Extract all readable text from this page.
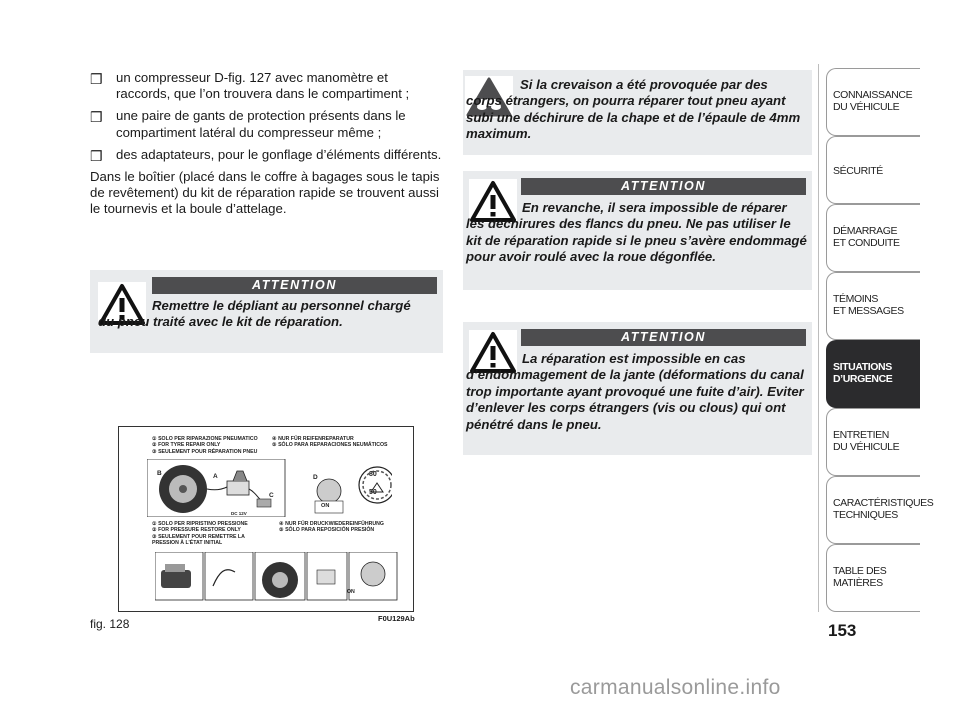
❒ un compresseur D-fig. 127 avec manomètre et raccords, que l’on trouvera dans le compartiment ;
❒ une paire de gants de protection présents dans le compartiment latéral du compresseur même ;
❒ des adaptateurs, pour le gonflage d’éléments différents.
Dans le boîtier (placé dans le coffre à bagages sous le tapis de revêtement) du kit de réparation rapide se trouvent aussi le tournevis et la boule d’attelage.
ATTENTION
Remettre le dépliant au personnel chargé du pneu traité avec le kit de réparation.
Si la crevaison a été provoquée par des corps étrangers, on pourra réparer tout pneu ayant subi une déchirure de la chape et de l’épaule de 4mm maximum.
ATTENTION
En revanche, il sera impossible de réparer les déchirures des flancs du pneu. Ne pas utiliser le kit de réparation rapide si le pneu s’avère endommagé pour avoir roulé avec la roue dégonflée.
ATTENTION
La réparation est impossible en cas d’endommagement de la jante (déformations du canal trop importante ayant provoqué une fuite d’air). Eviter d’enlever les corps étrangers (vis ou clous) qui ont pénétré dans le pneu.
① SOLO PER RIPARAZIONE PNEUMATICO
② FOR TYRE REPAIR ONLY
③ SEULEMENT POUR RÉPARATION PNEU
④ NUR FÜR REIFENREPARATUR
⑤ SÓLO PARA REPARACIONES NEUMÁTICOS
① SOLO PER RIPRISTINO PRESSIONE
② FOR PRESSURE RESTORE ONLY
③ SEULEMENT POUR REMETTRE LA PRESSION À L’ÉTAT INITIAL
④ NUR FÜR DRUCKWIEDEREINFÜHRUNG
⑤ SÓLO PARA REPOSICIÓN PRESIÓN
B	A
C
D	80
50
ON
DC 12V
ON
fig. 128	F0U129Ab
CONNAISSANCE
DU VÉHICULE
SÉCURITÉ
DÉMARRAGE
ET CONDUITE
TÉMOINS
ET MESSAGES
SITUATIONS
D’URGENCE
ENTRETIEN
DU VÉHICULE
CARACTÉRISTIQUES
TECHNIQUES
TABLE DES
MATIÈRES
153
carmanualsonline.info
